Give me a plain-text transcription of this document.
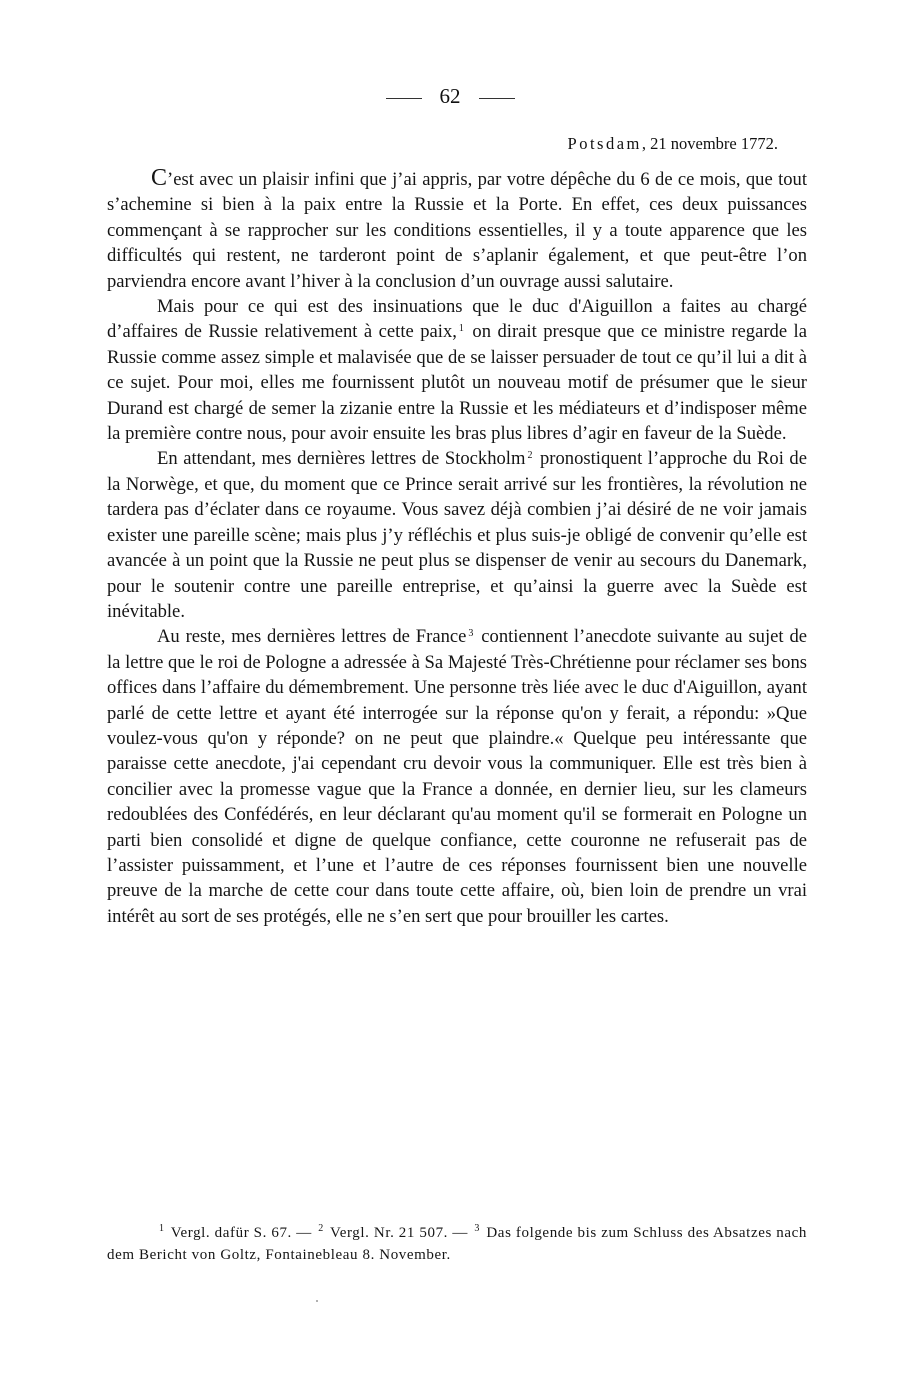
62
Potsdam, 21 novembre 1772.

C’est avec un plaisir infini que j’ai appris, par votre dépêche du 6 de ce mois, que tout s’achemine si bien à la paix entre la Russie et la Porte. En effet, ces deux puissances commençant à se rapprocher sur les conditions essentielles, il y a toute apparence que les difficultés qui restent, ne tarderont point de s’aplanir également, et que peut-être l’on parviendra encore avant l’hiver à la conclusion d’un ouvrage aussi salutaire.

Mais pour ce qui est des insinuations que le duc d'Aiguillon a faites au chargé d’affaires de Russie relativement à cette paix, $^1$ on dirait presque que ce ministre regarde la Russie comme assez simple et malavisée que de se laisser persuader de tout ce qu’il lui a dit à ce sujet. Pour moi, elles me fournissent plutôt un nouveau motif de présumer que le sieur Durand est chargé de semer la zizanie entre la Russie et les médiateurs et d’indisposer même la première contre nous, pour avoir ensuite les bras plus libres d’agir en faveur de la Suède.

En attendant, mes dernières lettres de Stockholm $^2$ pronostiquent l’approche du Roi de la Norwège, et que, du moment que ce Prince serait arrivé sur les frontières, la révolution ne tardera pas d’éclater dans ce royaume. Vous savez déjà combien j’ai désiré de ne voir jamais exister une pareille scène; mais plus j’y réfléchis et plus suis-je obligé de convenir qu’elle est avancée à un point que la Russie ne peut plus se dispenser de venir au secours du Danemark, pour le soutenir contre une pareille entreprise, et qu’ainsi la guerre avec la Suède est inévitable.

Au reste, mes dernières lettres de France $^3$ contiennent l’anecdote suivante au sujet de la lettre que le roi de Pologne a adressée à Sa Majesté Très-Chrétienne pour réclamer ses bons offices dans l’affaire du démembrement. Une personne très liée avec le duc d'Aiguillon, ayant parlé de cette lettre et ayant été interrogée sur la réponse qu'on y ferait, a répondu: »Que voulez-vous qu'on y réponde? on ne peut que plaindre.« Quelque peu intéressante que paraisse cette anecdote, j'ai cependant cru devoir vous la communiquer. Elle est très bien à concilier avec la promesse vague que la France a donnée, en dernier lieu, sur les clameurs redoublées des Confédérés, en leur déclarant qu'au moment qu'il se formerait en Pologne un parti bien consolidé et digne de quelque confiance, cette couronne ne refuserait pas de l’assister puissamment, et l’une et l’autre de ces réponses fournissent bien une nouvelle preuve de la marche de cette cour dans toute cette affaire, où, bien loin de prendre un vrai intérêt au sort de ses protégés, elle ne s’en sert que pour brouiller les cartes.

$^1$ Vergl. dafür S. 67. — $^2$ Vergl. Nr. 21 507. — $^3$ Das folgende bis zum Schluss des Absatzes nach dem Bericht von Goltz, Fontainebleau 8. November.
